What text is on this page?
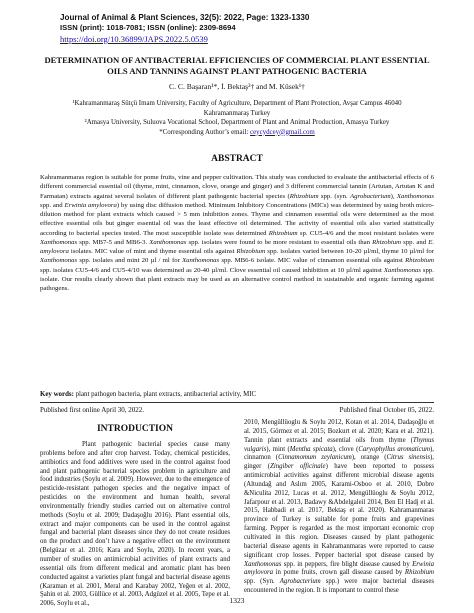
Journal of Animal & Plant Sciences, 32(5): 2022, Page: 1323-1330
ISSN (print): 1018-7081; ISSN (online): 2309-8694
https://doi.org/10.36899/JAPS.2022.5.0539
DETERMINATION OF ANTIBACTERIAL EFFICIENCIES OF COMMERCIAL PLANT ESSENTIAL OILS AND TANNINS AGAINST PLANT PATHOGENIC BACTERIA
C. C. Başaran¹*, İ. Bektaş²† and M. Küsek¹†
¹Kahramanmaraş Sütçü Imam University, Faculty of Agriculture, Department of Plant Protection, Avşar Campus 46040
Kahramanmaraş Turkey
²Amasya University, Suluova Vocational School, Department of Plant and Animal Production, Amasya Turkey
*Corresponding Author’s email: ceycydcey@gmail.com
ABSTRACT
Kahramanmaras region is suitable for pome fruits, vine and pepper cultivation. This study was conducted to evaluate the antibacterial effects of 6 different commercial essential oil (thyme, mint, cinnamon, clove, orange and ginger) and 3 different commercial tannin (Artutan, Artutan K and Farmatan) extracts against several isolates of different plant pathogenic bacterial species (Rhizobium spp. (syn. Agrobacterium), Xanthomonas spp. and Erwinia amylovora) by using disc diffusion method. Minimum Inhibitory Concentrations (MICs) was determined by using broth micro-dilution method for plant extracts which caused > 5 mm inhibition zones. Thyme and cinnamon essential oils were determined as the most effective essential oils but ginger essential oil was the least effective oil determined. The activity of essential oils also varied statistically according to bacterial species tested. The most susceptible isolate was determined Rhizobium sp. CU5-4/6 and the most resistant isolates were Xanthomonas spp. MB7-5 and MB6-3. Xanthomonas spp. isolates were found to be more resistant to essential oils than Rhizobium spp. and E. amylovora isolates. MIC value of mint and thyme essential oils against Rhizobium spp. isolates varied between 10-20 µl/ml, thyme 10 µl/ml for Xanthomonas spp. isolates and mint 20 µl / ml for Xanthomonas spp. MB6-6 isolate. MIC value of cinnamon essential oils against Rhizobium spp. isolates CU5-4/6 and CU5-4/10 was determined as 20-40 µl/ml. Clove essential oil caused inhibition at 10 µl/ml against Xanthomonas spp. isolate. Our results clearly shown that plant extracts may be used as an alternative control method in sustainable and organic farming against pathogens.
Key words: plant pathogen bacteria, plant extracts, antibacterial activity, MIC
Published first online April 30, 2022.	Published final October 05, 2022.
INTRODUCTION
Plant pathogenic bacterial species cause many problems before and after crop harvest. Today, chemical pesticides, antibiotics and food additives were used in the control against food and plant pathogenic bacterial species problem in agriculture and food industries (Soylu et al. 2009). However, due to the emergence of pesticide-resistant pathogen species and the negative impact of pesticides on the environment and human health, several environmentally friendly studies carried out on alternative control methods (Soylu et al. 2009; Dadaşoğlu 2016). Plant essential oils, extract and major components can be used in the control against fungal and bacterial plant diseases since they do not create residues on the product and don’t have a negative effect on the environment (Belgüzar et al. 2016; Kara and Soylu, 2020). In recent years, a number of studies on antimicrobial activities of plant extracts and essential oils from different medical and aromatic plant has been conducted against a varieties plant fungal and bacterial disease agents (Karaman et al. 2001, Meral and Karabay 2002, Yeğen et al. 2002, Şahin et al. 2003, Güllüce et al. 2003, Adgüzel et al. 2005, Tepe et al. 2006, Soylu et al.,
2010, Mengüllüoglu & Soylu 2012, Kotan et al. 2014, Dadaşoğlu et al. 2015, Görmez et al. 2015; Bozkurt et al. 2020; Kara et al. 2021). Tannin plant extracts and essential oils from thyme (Thymus vulgaris), mint (Mentha spicata), clove (Caryophyllus aromaticum), cinnamon (Cinnamomum zeylanicum), orange (Citrus sinensis), ginger (Zingiber officinale) have been reported to possess antimicrobial activities against different microbial disease agents (Altundağ and Aslım 2005, Karami-Osboo et al. 2010, Dobre &Niculita 2012, Lucas et al. 2012, Mengüllüoglu & Soylu 2012, Jafarpour et al. 2013, Badawy &Abdelgaleil 2014, Ben El Hadj et al. 2015, Habbadi et al. 2017, Bektaş et al. 2020). Kahramanmaras province of Turkey is suitable for pome fruits and grapevines farming. Pepper is regarded as the most important economic crop cultivated in this region. Diseases caused by plant pathogenic bacterial disease agents in Kahramanmaras were reported to cause significant crop losses. Pepper bacterial spot disease caused by Xanthomonas spp. in peppers, fire blight disease caused by Erwinia amylovora in pome fruits, crown gall disease caused by Rhizobium spp. (Syn. Agrobacterium spp.) were major bacterial diseases encountered in the region. It is important to control these
1323
